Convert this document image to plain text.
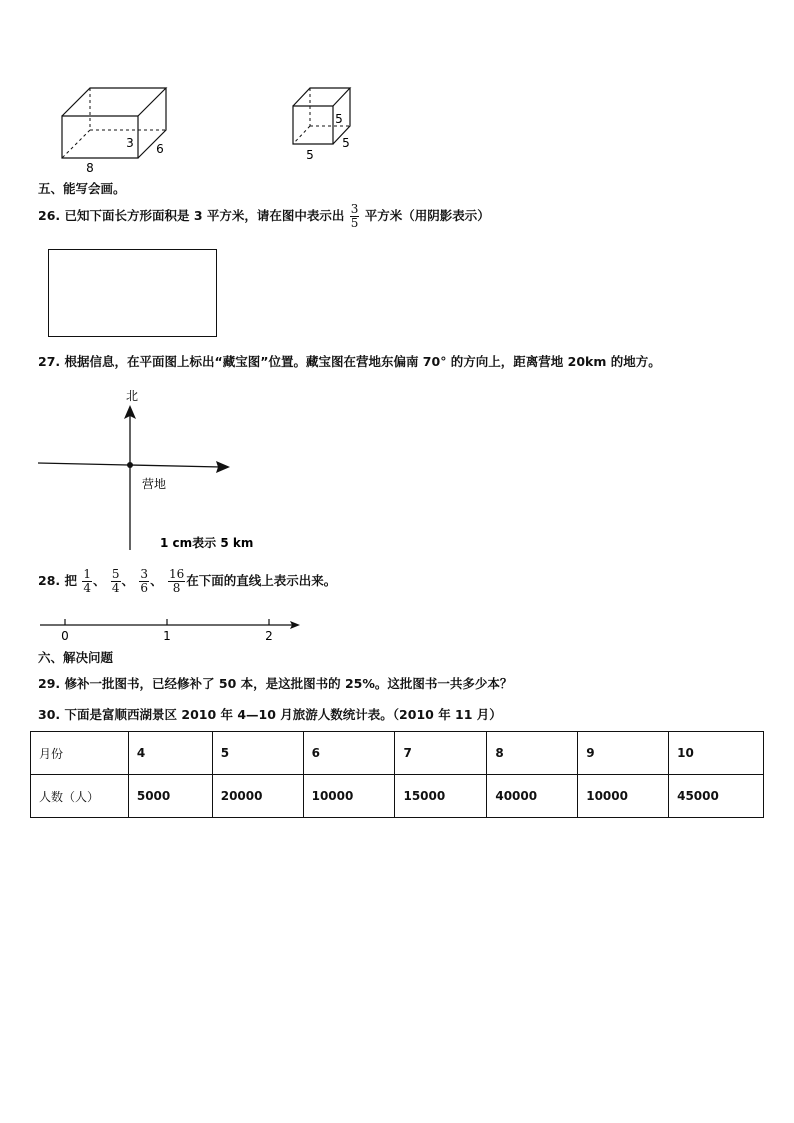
8
3 6
5
5
5
五、能写会画。
26. 已知下面长方形面积是 3 平方米，请在图中表示出 $\frac{3}{5}$ 平方米（用阴影表示）
27. 根据信息，在平面图上标出“藏宝图”位置。藏宝图在营地东偏南 70° 的方向上，距离营地 20km 的地方。
北
营地
1 cm表示 5 km
28. 把 $\frac{1}{4}$ 、 $\frac{5}{4}$ 、 $\frac{3}{6}$ 、 $\frac{16}{8}$ 在下面的直线上表示出来。
0	1	2
六、解决问题
29. 修补一批图书，已经修补了 50 本，是这批图书的 25%。这批图书一共多少本？
30. 下面是富顺西湖景区 2010 年 4—10 月旅游人数统计表。（2010 年 11 月）
月份	4	5	6	7	8	9	10
人数（人）	5000	20000	10000	15000	40000	10000	45000
